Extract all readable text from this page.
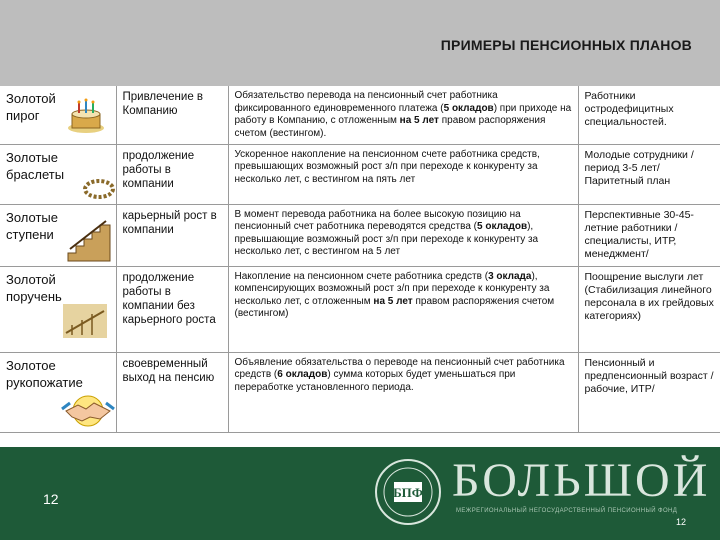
ПРИМЕРЫ ПЕНСИОННЫХ ПЛАНОВ
Золотой
пирог	Привлечение в Компанию	Обязательство перевода на пенсионный счет работника фиксированного единовременного платежа (5 окладов) при приходе на работу в Компанию, с отложенным на 5 лет правом распоряжения счетом (вестингом).	Работники остродефицитных специальностей.

Золотые
браслеты	продолжение работы в компании	Ускоренное накопление на пенсионном счете работника средств, превышающих возможный рост з/п при переходе к конкуренту за несколько лет, с вестингом на пять лет	Молодые сотрудники /период 3-5 лет/ Паритетный план

Золотые
ступени	карьерный рост в компании	В момент перевода работника на более высокую позицию на пенсионный счет работника переводятся средства (5 окладов), превышающие возможный рост з/п при переходе к конкуренту за несколько лет, с вестингом на 5 лет	Перспективные 30-45-летние работники /специалисты, ИТР, менеджмент/

Золотой
поручень	продолжение работы в компании без карьерного роста	Накопление на пенсионном счете работника средств (3 оклада), компенсирующих возможный рост з/п при переходе к конкуренту за несколько лет, с отложенным на 5 лет правом распоряжения счетом (вестингом)	Поощрение выслуги лет (Стабилизация линейного персонала в их грейдовых категориях)

Золотое
рукопожатие	своевременный выход на пенсию	Объявление обязательства о переводе на пенсионный счет работника средств (6 окладов) сумма которых будет уменьшаться при переработке установленного периода.	Пенсионный и предпенсионный возраст /рабочие, ИТР/
12	БПФ БОЛЬШОЙ
МЕЖРЕГИОНАЛЬНЫЙ НЕГОСУДАРСТВЕННЫЙ ПЕНСИОННЫЙ ФОНД
12
